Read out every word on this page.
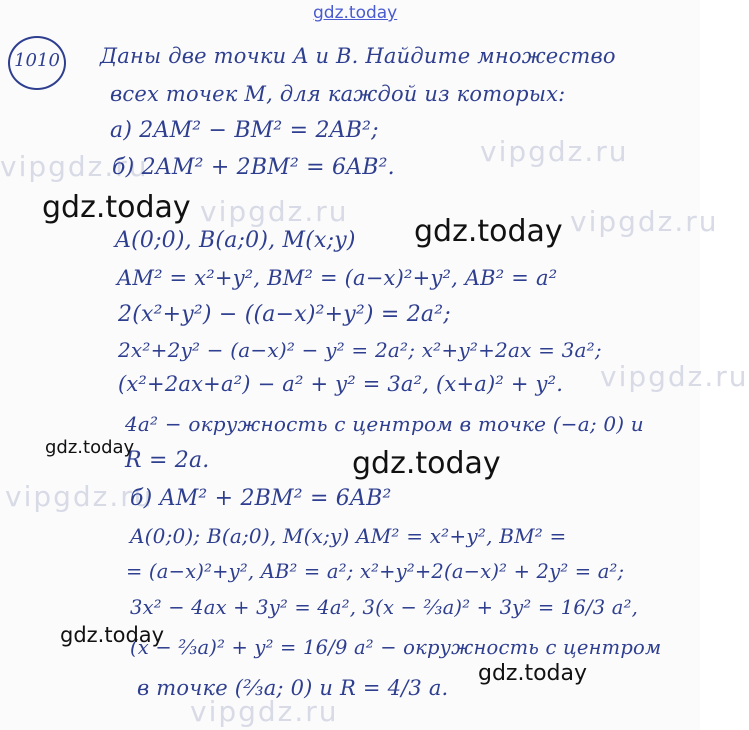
vipgdz.ru
vipgdz.ru	vipgdz.ru
vipgdz.ru
vipgdz.ru
vipgdz.ru
vipgdz.ru
gdz.today
1010 Даны две точки A и B. Найдите множество
всех точек M, для каждой из которых:
а) 2AM² − BM² = 2AB²;
б) 2AM² + 2BM² = 6AB².
A(0;0), B(a;0), M(x;y)
AM² = x²+y², BM² = (a−x)²+y², AB² = a²
2(x²+y²) − ((a−x)²+y²) = 2a²;
2x²+2y² − (a−x)² − y² = 2a²; x²+y²+2ax = 3a²;
(x²+2ax+a²) − a² + y² = 3a², (x+a)² + y².
4a² − окружность с центром в точке (−a; 0) и
R = 2a.
б) AM² + 2BM² = 6AB²
A(0;0); B(a;0), M(x;y) AM² = x²+y², BM² =
= (a−x)²+y², AB² = a²; x²+y²+2(a−x)² + 2y² = a²;
3x² − 4ax + 3y² = 4a², 3(x − ⅔a)² + 3y² = 16/3 a²,
(x − ⅔a)² + y² = 16/9 a² − окружность с центром
в точке (⅔a; 0) и R = 4/3 a.
gdz.today
gdz.today
gdz.today	gdz.today
gdz.today
gdz.today
